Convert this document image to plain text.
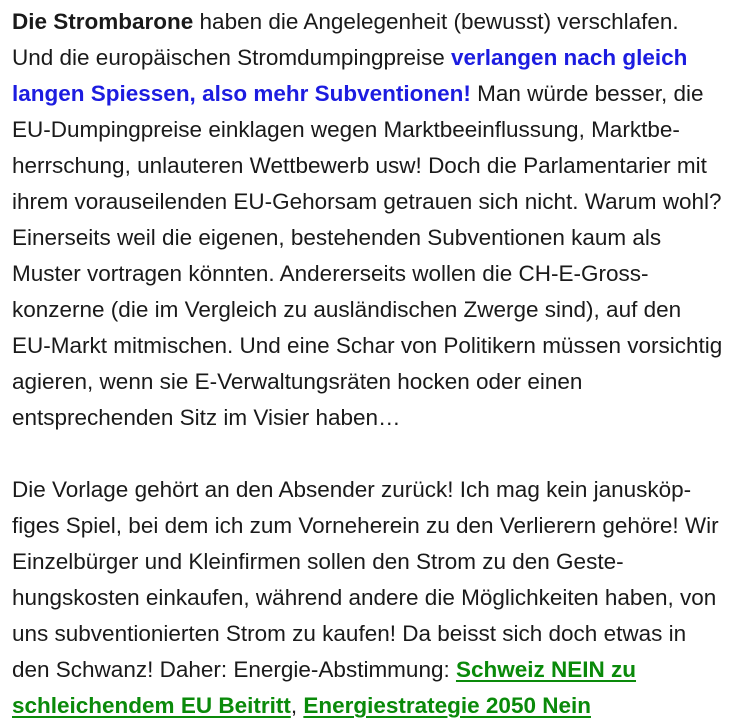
Die Strombarone haben die Angelegenheit (bewusst) verschlafen. Und die europäischen Stromdumpingpreise verlangen nach gleich langen Spiessen, also mehr Subventionen! Man würde besser, die EU-Dumpingpreise einklagen wegen Marktbeeinflussung, Marktbeherrschung, unlauteren Wettbewerb usw! Doch die Parlamentarier mit ihrem vorauseilenden EU-Gehorsam getrauen sich nicht. Warum wohl? Einerseits weil die eigenen, bestehenden Subventionen kaum als Muster vortragen könnten. Andererseits wollen die CH-E-Grosskonzerne (die im Vergleich zu ausländischen Zwerge sind), auf den EU-Markt mitmischen. Und eine Schar von Politikern müssen vorsichtig agieren, wenn sie E-Verwaltungsräten hocken oder einen entsprechenden Sitz im Visier haben…

Die Vorlage gehört an den Absender zurück! Ich mag kein janusköpfiges Spiel, bei dem ich zum Vorneherein zu den Verlierern gehöre! Wir Einzelbürger und Kleinfirmen sollen den Strom zu den Gestehungskosten einkaufen, während andere die Möglichkeiten haben, von uns subventionierten Strom zu kaufen! Da beisst sich doch etwas in den Schwanz! Daher: Energie-Abstimmung: Schweiz NEIN zu schleichendem EU Beitritt, Energiestrategie 2050 Nein
